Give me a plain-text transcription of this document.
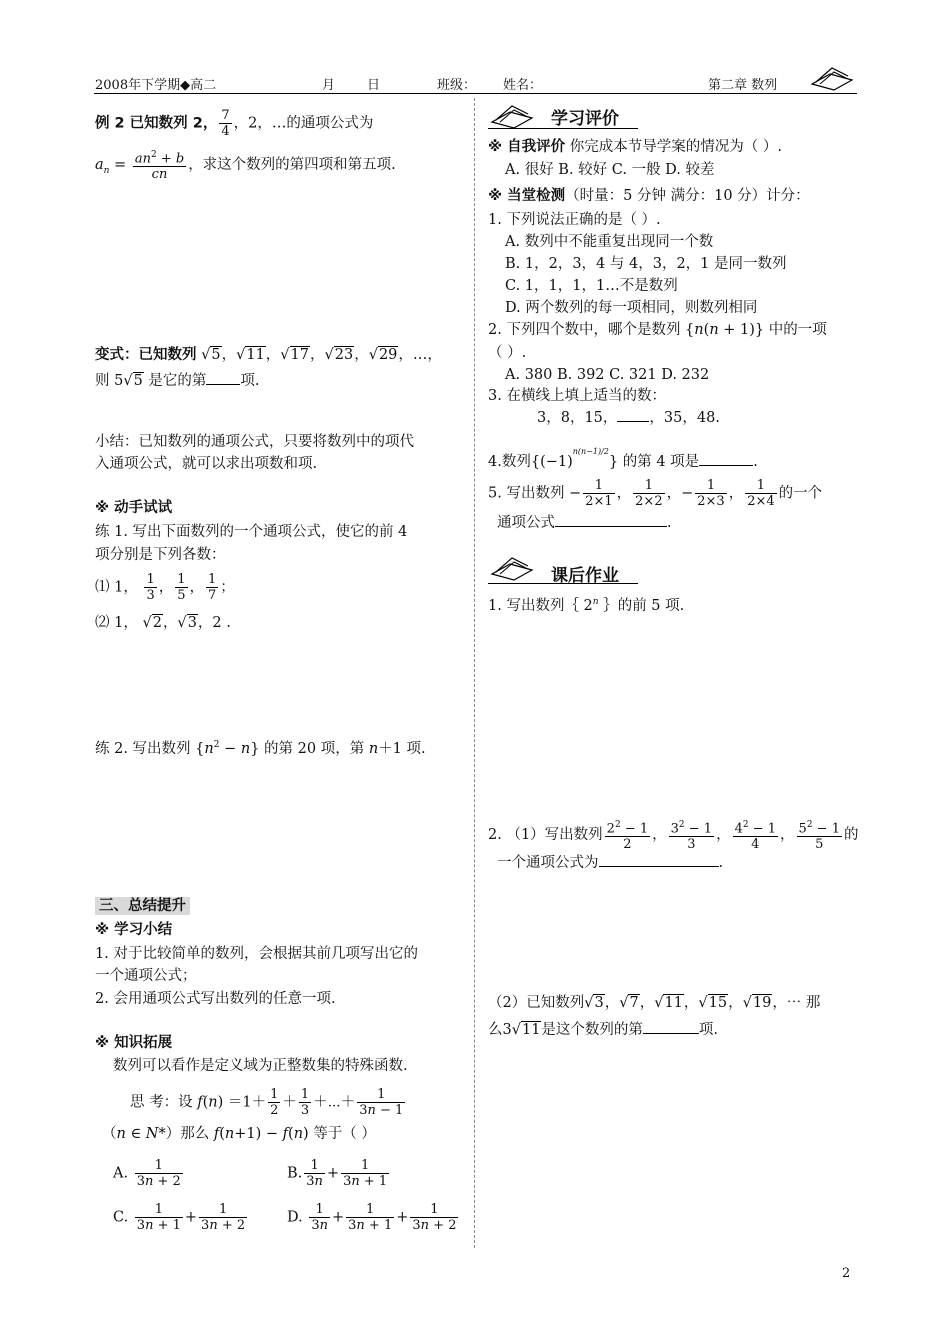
2008年下学期◆高二	月 日	班级： 姓名：	第二章 数列
例 2 已知数列 2， $\frac{7}{4}$ ，2，…的通项公式为
$a_n = \frac{an^2 + b}{cn}$ ，求这个数列的第四项和第五项.
变式：已知数列 √5，√11，√17，√23，√29，…，
则 5√5 是它的第 项.
小结：已知数列的通项公式，只要将数列中的项代
入通项公式，就可以求出项数和项.
※ 动手试试
练 1. 写出下面数列的一个通项公式，使它的前 4
项分别是下列各数：
⑴ 1， $\frac{1}{3}$ ， $\frac{1}{5}$ ， $\frac{1}{7}$ ；
⑵ 1， √2，√3，2 .
练 2. 写出数列 $\{n^2 - n\}$ 的第 20 项，第 n＋1 项.
三、总结提升
※ 学习小结
1. 对于比较简单的数列，会根据其前几项写出它的
一个通项公式；
2. 会用通项公式写出数列的任意一项.
※ 知识拓展
数列可以看作是定义域为正整数集的特殊函数.
思 考：设 $f(n) =1+ \frac{1}{2} + \frac{1}{3}$ ＋⋯＋ $\frac{1}{3n - 1}$
（n ∈ N*）那么 f(n+1) − f(n) 等于（ ）
A. $\frac{1}{3n + 2}$	B. $\frac{1}{3n} + \frac{1}{3n + 1}$
C. $\frac{1}{3n + 1} + \frac{1}{3n + 2}$	D. $\frac{1}{3n} + \frac{1}{3n + 1} + \frac{1}{3n + 2}$
学习评价
※ 自我评价 你完成本节导学案的情况为（ ）.
A. 很好 B. 较好 C. 一般 D. 较差
※ 当堂检测（时量：5 分钟 满分：10 分）计分：
1. 下列说法正确的是（ ）.
A. 数列中不能重复出现同一个数
B. 1，2，3，4 与 4，3，2，1 是同一数列
C. 1，1，1，1…不是数列
D. 两个数列的每一项相同，则数列相同
2. 下列四个数中，哪个是数列 {n(n + 1)} 中的一项
（ ）.
A. 380 B. 392 C. 321 D. 232
3. 在横线上填上适当的数：
3，8，15， ，35，48.
4.数列$\{(-1)^{n(n-1)/2}\}$ 的第 4 项是	.
5. 写出数列 − $\frac{1}{2\times 1}$ ， $\frac{1}{2\times 2}$ ，− $\frac{1}{2\times 3}$ ， $\frac{1}{2\times 4}$ 的一个
通项公式	.
课后作业
1. 写出数列｛ 2$^n$ ｝的前 5 项.
2. （1）写出数列 $\frac{2^2 - 1}{2}$ ， $\frac{3^2 - 1}{3}$ ， $\frac{4^2 - 1}{4}$ ， $\frac{5^2 - 1}{5}$ 的
一个通项公式为	.
（2）已知数列√3，√7，√11，√15，√19，⋯ 那
么3√11是这个数列的第	项.
2
